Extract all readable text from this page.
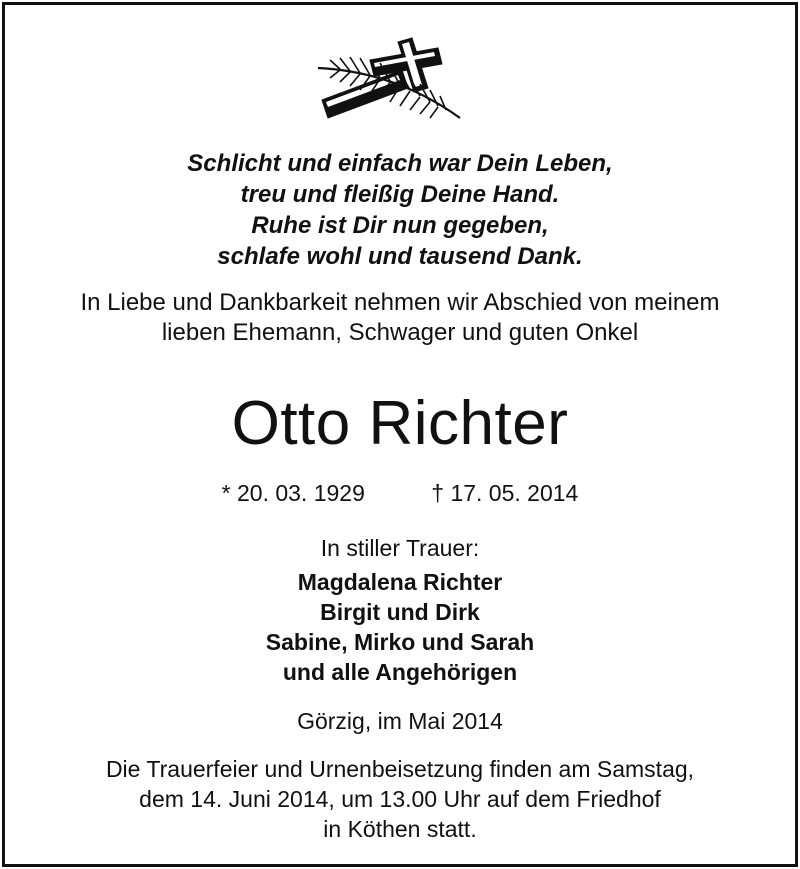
Schlicht und einfach war Dein Leben,
treu und fleißig Deine Hand.
Ruhe ist Dir nun gegeben,
schlafe wohl und tausend Dank.
In Liebe und Dankbarkeit nehmen wir Abschied von meinem
lieben Ehemann, Schwager und guten Onkel
Otto Richter
* 20. 03. 1929	† 17. 05. 2014
In stiller Trauer:
Magdalena Richter
Birgit und Dirk
Sabine, Mirko und Sarah
und alle Angehörigen
Görzig, im Mai 2014
Die Trauerfeier und Urnenbeisetzung finden am Samstag,
dem 14. Juni 2014, um 13.00 Uhr auf dem Friedhof
in Köthen statt.
